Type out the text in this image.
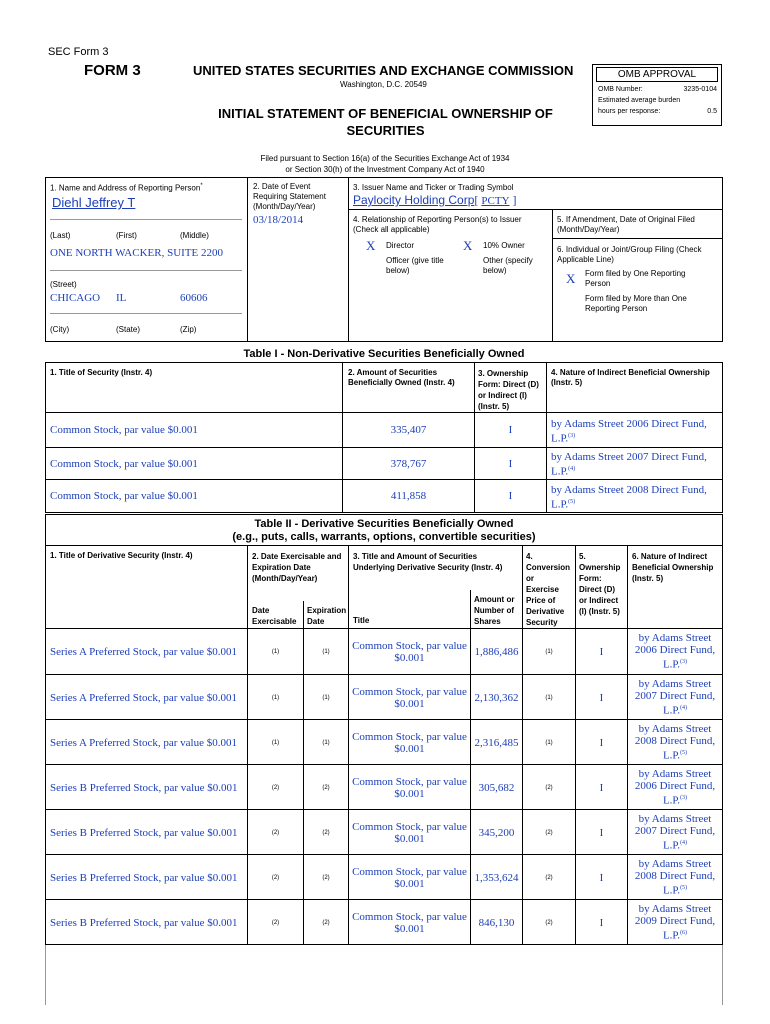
SEC Form 3
FORM 3	UNITED STATES SECURITIES AND EXCHANGE COMMISSION
Washington, D.C. 20549
INITIAL STATEMENT OF BENEFICIAL OWNERSHIP OF
SECURITIES
Filed pursuant to Section 16(a) of the Securities Exchange Act of 1934
or Section 30(h) of the Investment Company Act of 1940
OMB APPROVAL
OMB Number:	3235-0104
Estimated average burden
hours per response:	0.5
1. Name and Address of Reporting Person*
Diehl Jeffrey T
(Last)	(First)	(Middle)
ONE NORTH WACKER, SUITE 2200
(Street)
CHICAGO IL	60606
(City)	(State)	(Zip)
2. Date of Event
Requiring Statement
(Month/Day/Year)
03/18/2014
3. Issuer Name and Ticker or Trading Symbol
Paylocity Holding Corp[ PCTY ]
4. Relationship of Reporting Person(s) to Issuer
(Check all applicable)
X Director	X 10% Owner
Officer (give title
below)
Other (specify
below)
5. If Amendment, Date of Original Filed
(Month/Day/Year)
6. Individual or Joint/Group Filing (Check
Applicable Line)
X Form filed by One Reporting
Person
Form filed by More than One
Reporting Person
Table I - Non-Derivative Securities Beneficially Owned
1. Title of Security (Instr. 4)	2. Amount of Securities
Beneficially Owned (Instr. 4)
3. Ownership
Form: Direct (D)
or Indirect (I)
(Instr. 5)
4. Nature of Indirect Beneficial Ownership
(Instr. 5)
Common Stock, par value $0.001	335,407	I	by Adams Street 2006 Direct Fund,
L.P.$^{(3)}$
Common Stock, par value $0.001	378,767	I
by Adams Street 2007 Direct Fund,
L.P.$^{(4)}$
Common Stock, par value $0.001	411,858	I	by Adams Street 2008 Direct Fund,
L.P.$^{(5)}$
Table II - Derivative Securities Beneficially Owned
(e.g., puts, calls, warrants, options, convertible securities)
1. Title of Derivative Security (Instr. 4)	2. Date Exercisable and
Expiration Date
(Month/Day/Year)
Date
Exercisable
Expiration
Date
3. Title and Amount of Securities
Underlying Derivative Security (Instr. 4)
Title
Amount or
Number of
Shares
4.
Conversion
or
Exercise
Price of
Derivative
Security
5.
Ownership
Form:
Direct (D)
or Indirect
(I) (Instr. 5)
6. Nature of Indirect
Beneficial Ownership
(Instr. 5)
Series A Preferred Stock, par value $0.001	(1)	(1)	Common Stock, par value
$0.001	1,886,486	(1)	I
by Adams Street
2006 Direct Fund,
L.P.$^{(3)}$
Series A Preferred Stock, par value $0.001	(1)	(1)	Common Stock, par value
$0.001	2,130,362	(1)	I
by Adams Street
2007 Direct Fund,
L.P.$^{(4)}$
Series A Preferred Stock, par value $0.001	(1)	(1)	Common Stock, par value
$0.001	2,316,485	(1)	I
by Adams Street
2008 Direct Fund,
L.P.$^{(5)}$
Series B Preferred Stock, par value $0.001	(2)	(2)	Common Stock, par value
$0.001	305,682	(2)	I
by Adams Street
2006 Direct Fund,
L.P.$^{(3)}$
Series B Preferred Stock, par value $0.001	(2)	(2)	Common Stock, par value
$0.001	345,200	(2)	I
by Adams Street
2007 Direct Fund,
L.P.$^{(4)}$
Series B Preferred Stock, par value $0.001	(2)	(2)	Common Stock, par value
$0.001	1,353,624	(2)	I
by Adams Street
2008 Direct Fund,
L.P.$^{(5)}$
Series B Preferred Stock, par value $0.001	(2)	(2)	Common Stock, par value
$0.001	846,130	(2)	I
by Adams Street
2009 Direct Fund,
L.P.$^{(6)}$
